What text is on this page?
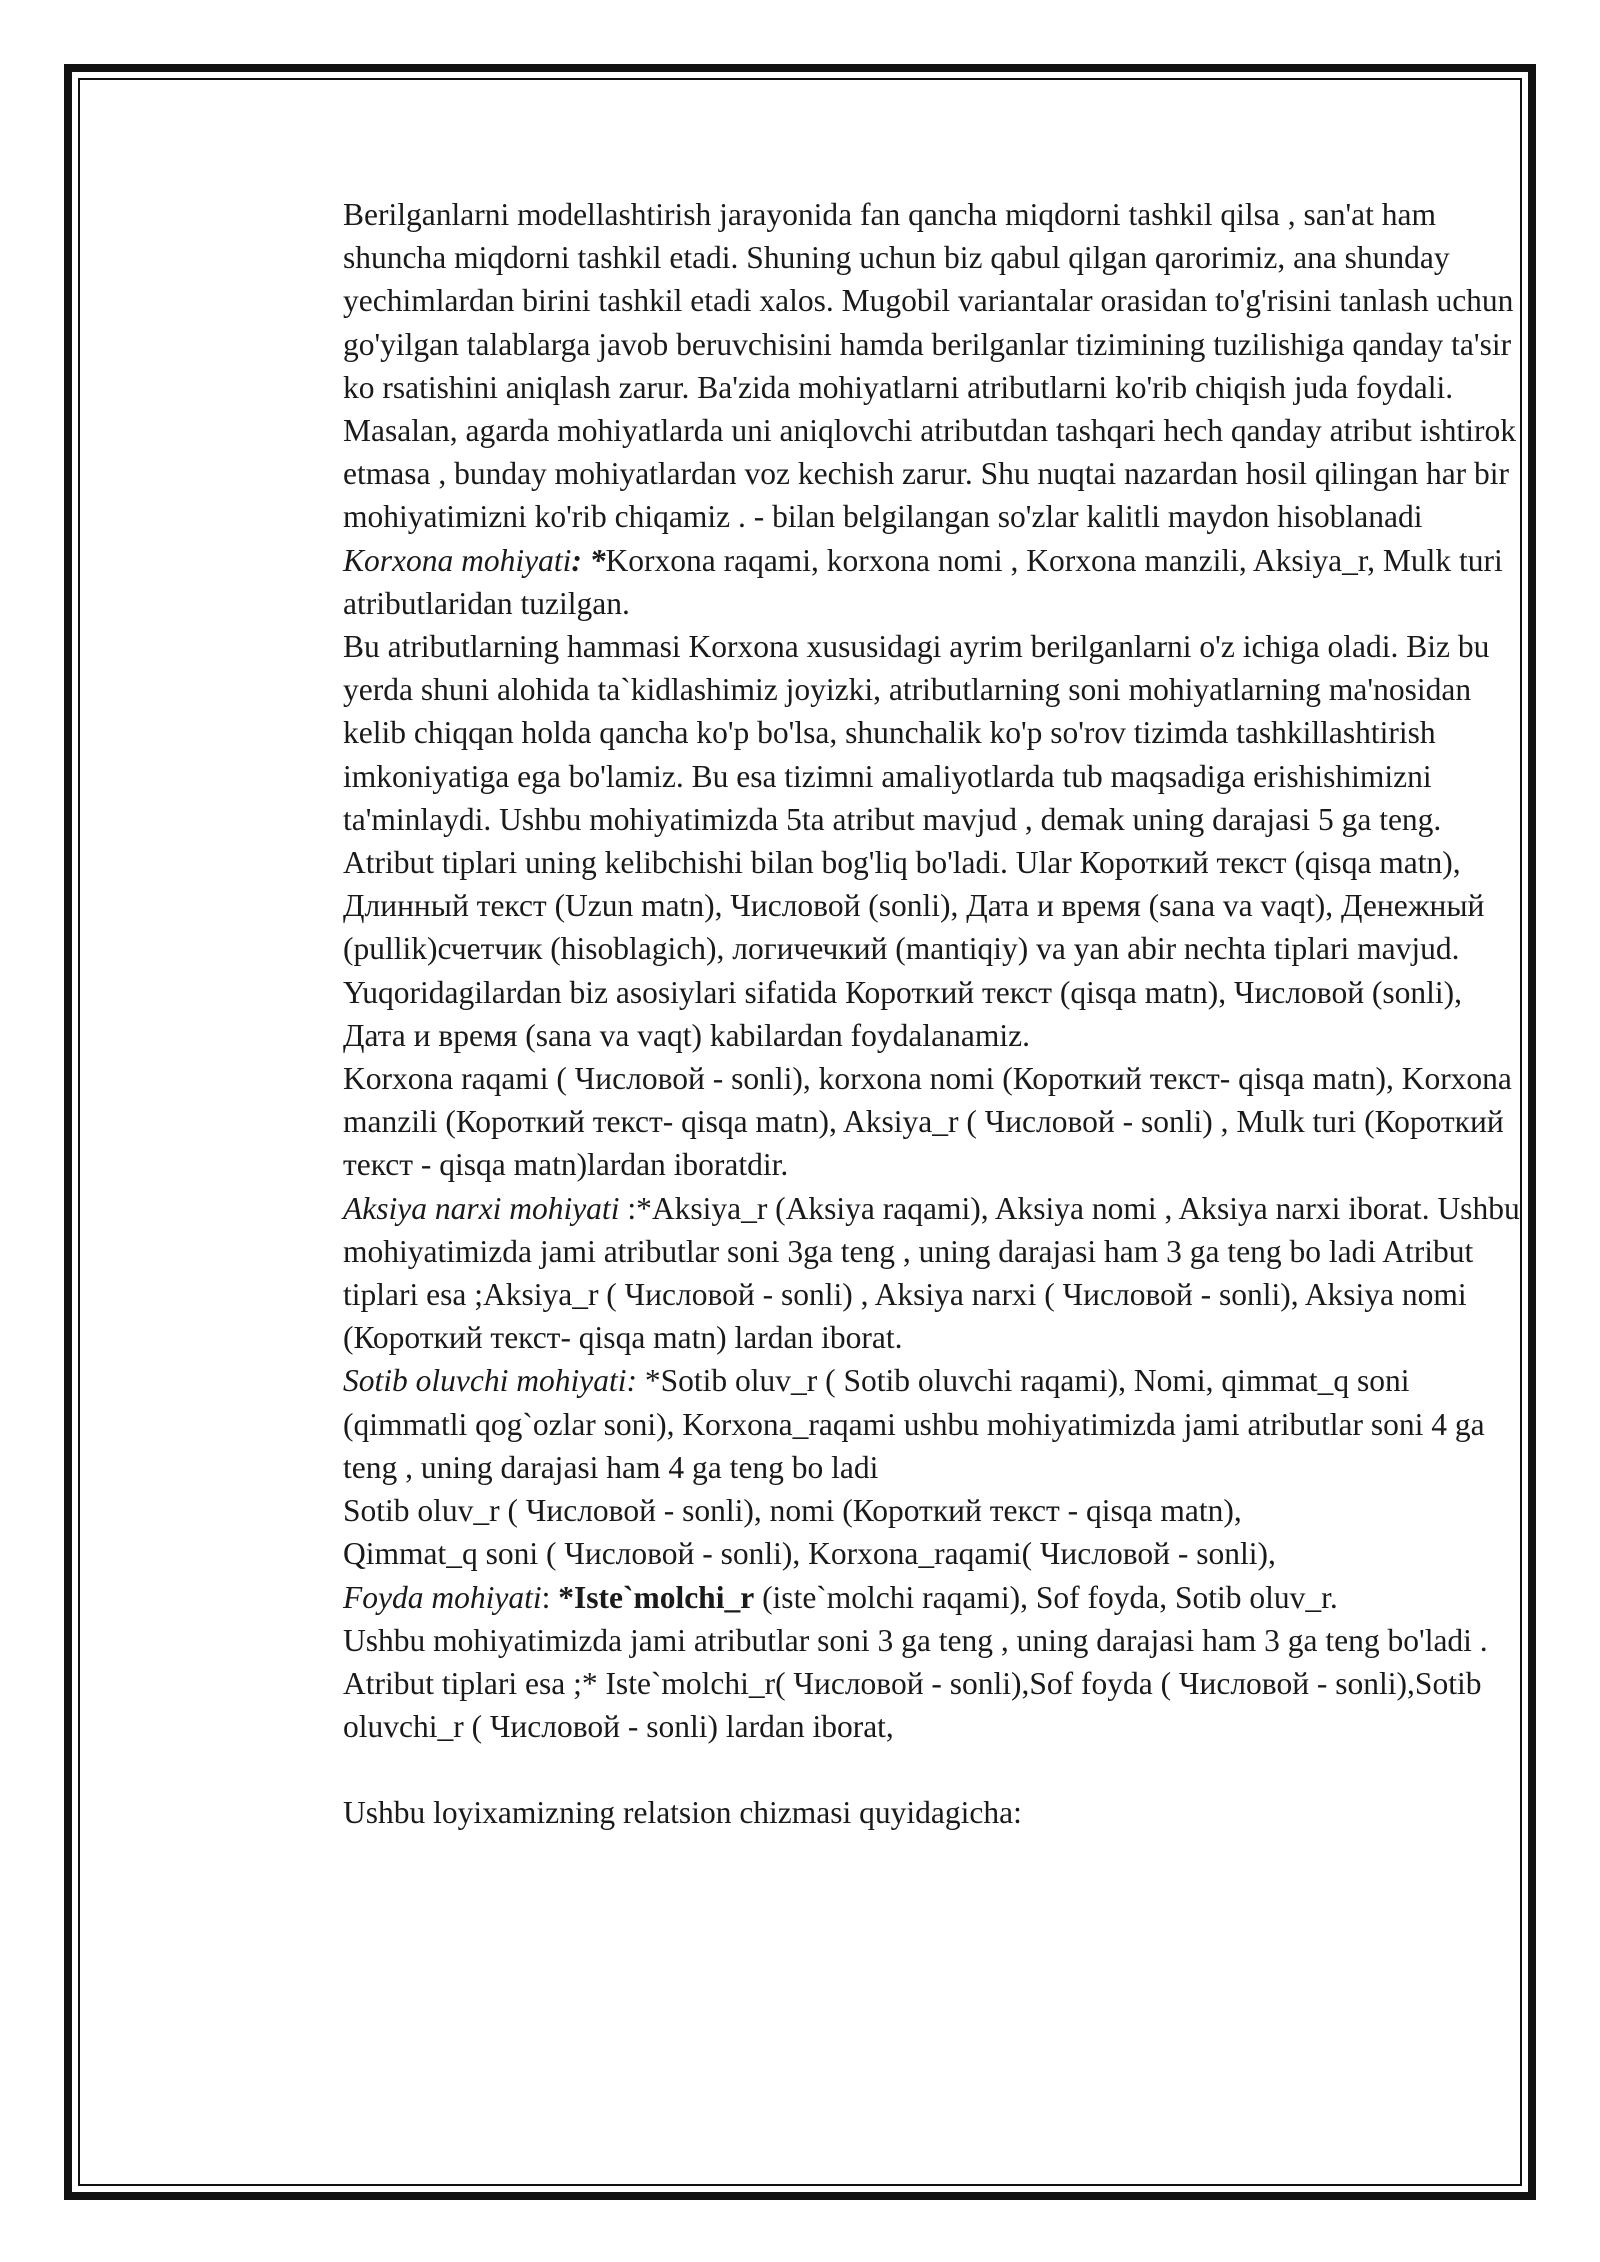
Berilganlarni modellashtirish jarayonida fan qancha miqdorni tashkil qilsa , san'at ham shuncha miqdorni tashkil etadi. Shuning uchun biz qabul qilgan qarorimiz, ana shunday yechimlardan birini tashkil etadi xalos. Mugobil variantalar orasidan to'g'risini tanlash uchun go'yilgan talablarga javob beruvchisini hamda berilganlar tizimining tuzilishiga qanday ta'sir ko rsatishini aniqlash zarur. Ba'zida mohiyatlarni atributlarni ko'rib chiqish juda foydali. Masalan, agarda mohiyatlarda uni aniqlovchi atributdan tashqari hech qanday atribut ishtirok etmasa , bunday mohiyatlardan voz kechish zarur. Shu nuqtai nazardan hosil qilingan har bir mohiyatimizni ko'rib chiqamiz . - bilan belgilangan so'zlar kalitli maydon hisoblanadi

Korxona mohiyati: *Korxona raqami, korxona nomi , Korxona manzili, Aksiya_r, Mulk turi atributlaridan tuzilgan.

Bu atributlarning hammasi Korxona xususidagi ayrim berilganlarni o'z ichiga oladi. Biz bu yerda shuni alohida ta`kidlashimiz joyizki, atributlarning soni mohiyatlarning ma'nosidan kelib chiqqan holda qancha ko'p bo'lsa, shunchalik ko'p so'rov tizimda tashkillashtirish imkoniyatiga ega bo'lamiz. Bu esa tizimni amaliyotlarda tub maqsadiga erishishimizni ta'minlaydi. Ushbu mohiyatimizda 5ta atribut mavjud , demak uning darajasi 5 ga teng. Atribut tiplari uning kelibchishi bilan bog'liq bo'ladi. Ular Короткий текст (qisqa matn), Длинный текст (Uzun matn), Числовой (sonli), Дата и время (sana va vaqt), Денежный (pullik)счетчик (hisoblagich), логичечкий (mantiqiy) va yan abir nechta tiplari mavjud. Yuqoridagilardan biz asosiylari sifatida Короткий текст (qisqa matn), Числовой (sonli), Дата и время (sana va vaqt) kabilardan foydalanamiz.

Korxona raqami ( Числовой - sonli), korxona nomi (Короткий текст- qisqa matn), Korxona manzili (Короткий текст- qisqa matn), Aksiya_r ( Числовой - sonli) , Mulk turi (Короткий текст - qisqa matn)lardan iboratdir.

Aksiya narxi mohiyati :*Aksiya_r (Aksiya raqami), Aksiya nomi , Aksiya narxi iborat. Ushbu mohiyatimizda jami atributlar soni 3ga teng , uning darajasi ham 3 ga teng bo ladi Atribut tiplari esa ;Aksiya_r ( Числовой - sonli) , Aksiya narxi ( Числовой - sonli), Aksiya nomi (Короткий текст- qisqa matn) lardan iborat.

Sotib oluvchi mohiyati: *Sotib oluv_r ( Sotib oluvchi raqami), Nomi, qimmat_q soni (qimmatli qog`ozlar soni), Korxona_raqami ushbu mohiyatimizda jami atributlar soni 4 ga teng , uning darajasi ham 4 ga teng bo ladi

Sotib oluv_r ( Числовой - sonli), nomi (Короткий текст - qisqa matn),

Qimmat_q soni ( Числовой - sonli), Korxona_raqami( Числовой - sonli),

Foyda mohiyati: *Iste`molchi_r (iste`molchi raqami), Sof foyda, Sotib oluv_r.

Ushbu mohiyatimizda jami atributlar soni 3 ga teng , uning darajasi ham 3 ga teng bo'ladi . Atribut tiplari esa ;* Iste`molchi_r( Числовой - sonli),Sof foyda ( Числовой - sonli),Sotib oluvchi_r ( Числовой - sonli) lardan iborat,

Ushbu loyixamizning relatsion chizmasi quyidagicha:
